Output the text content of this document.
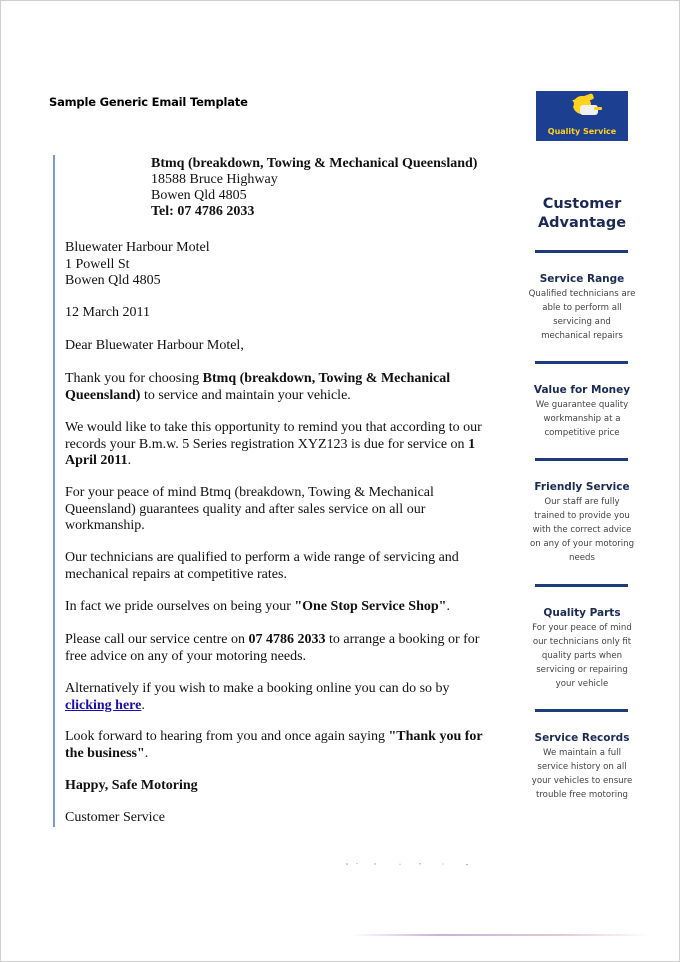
Sample Generic Email Template
Btmq (breakdown, Towing & Mechanical Queensland)
18588 Bruce Highway
Bowen Qld 4805
Tel: 07 4786 2033
Bluewater Harbour Motel
1 Powell St
Bowen Qld 4805
12 March 2011
Dear Bluewater Harbour Motel,
Thank you for choosing Btmq (breakdown, Towing & Mechanical Queensland) to service and maintain your vehicle.
We would like to take this opportunity to remind you that according to our records your B.m.w. 5 Series registration XYZ123 is due for service on 1 April 2011.
For your peace of mind Btmq (breakdown, Towing & Mechanical Queensland) guarantees quality and after sales service on all our workmanship.
Our technicians are qualified to perform a wide range of servicing and mechanical repairs at competitive rates.
In fact we pride ourselves on being your "One Stop Service Shop".
Please call our service centre on 07 4786 2033 to arrange a booking or for free advice on any of your motoring needs.
Alternatively if you wish to make a booking online you can do so by clicking here.
Look forward to hearing from you and once again saying "Thank you for the business".
Happy, Safe Motoring
Customer Service
Quality Service
Customer
Advantage
Service Range
Qualified technicians are able to perform all servicing and mechanical repairs
Value for Money
We guarantee quality workmanship at a competitive price
Friendly Service
Our staff are fully trained to provide you with the correct advice on any of your motoring needs
Quality Parts
For your peace of mind our technicians only fit quality parts when servicing or repairing your vehicle
Service Records
We maintain a full service history on all your vehicles to ensure trouble free motoring
